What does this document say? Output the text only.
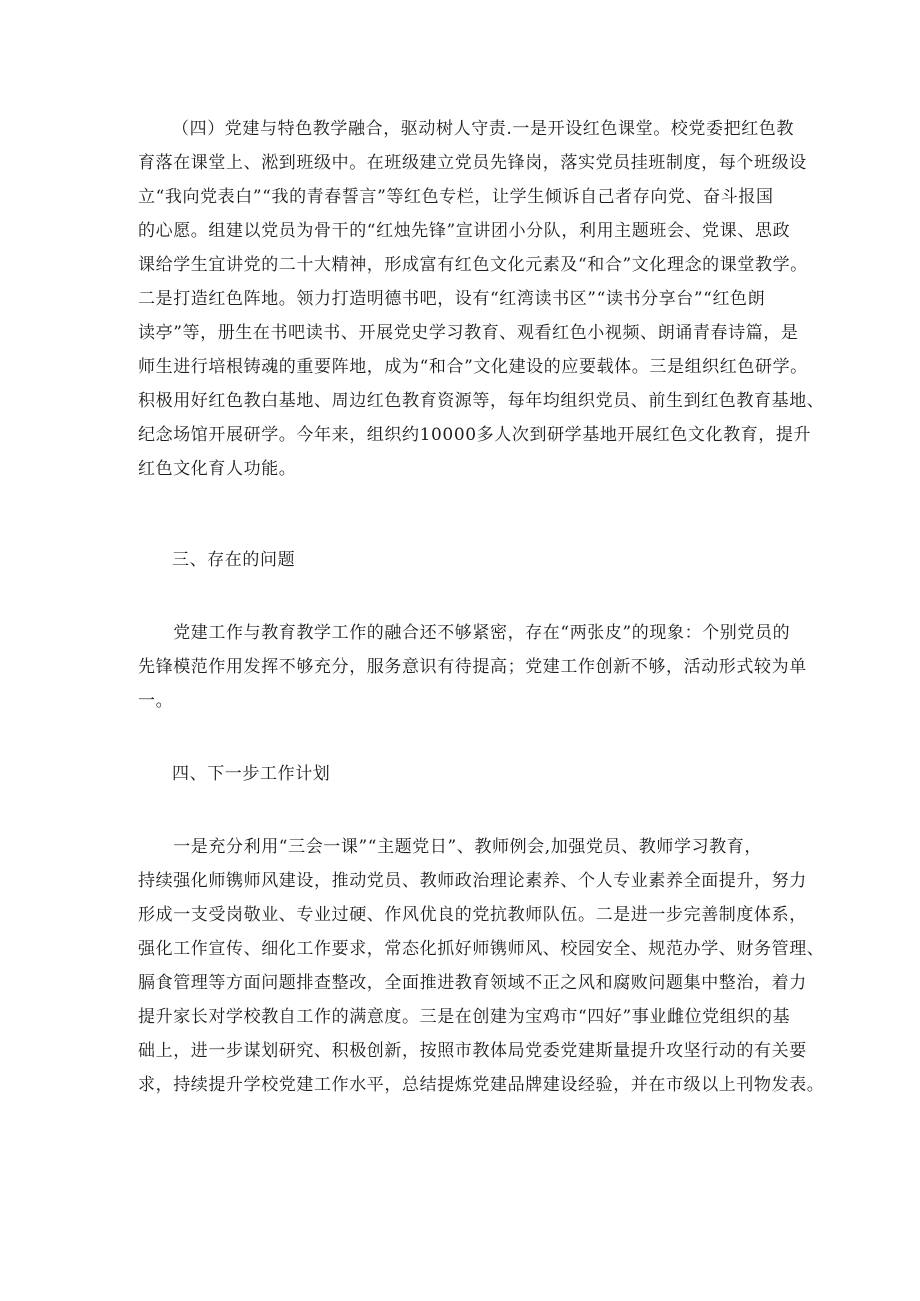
（四）党建与特色教学融合，驱动树人守责.一是开设红色课堂。校党委把红色教
育落在课堂上、淞到班级中。在班级建立党员先锋岗，落实党员挂班制度，每个班级设
立“我向党表白”“我的青春誓言”等红色专栏，让学生倾诉自己者存向党、奋斗报国
的心愿。组建以党员为骨干的“红烛先锋”宣讲团小分队，利用主题班会、党课、思政
课给学生宜讲党的二十大精神，形成富有红色文化元素及“和合”文化理念的课堂教学。
二是打造红色阵地。领力打造明德书吧，设有“红湾读书区”“读书分享台”“红色朗
读亭”等，册生在书吧读书、开展党史学习教育、观看红色小视频、朗诵青春诗篇，是
师生进行培根铸魂的重要阵地，成为“和合”文化建设的应要载体。三是组织红色研学。
积极用好红色教白基地、周边红色教育资源等，每年均组织党员、前生到红色教育基地、
纪念场馆开展研学。今年来，组织约10000多人次到研学基地开展红色文化教育，提升
红色文化育人功能。
三、存在的问题
　　党建工作与教育教学工作的融合还不够紧密，存在“两张皮”的现象：个别党员的
先锋模范作用发挥不够充分，服务意识有待提高；党建工作创新不够，活动形式较为单
一。
四、下一步工作计划
　　一是充分利用“三会一课”“主题党日”、教师例会,加强党员、教师学习教育，
持续强化师镌师风建设，推动党员、教师政治理论素养、个人专业素养全面提升，努力
形成一支受岗敬业、专业过硬、作风优良的党抗教师队伍。二是进一步完善制度体系，
强化工作宣传、细化工作要求，常态化抓好师镌师风、校园安全、规范办学、财务管理、
膈食管理等方面问题排查整改，全面推进教育领域不正之风和腐败问题集中整治，着力
提升家长对学校教自工作的满意度。三是在创建为宝鸡市“四好”事业雌位党组织的基
础上，进一步谋划研究、积极创新，按照市教体局党委党建斯量提升攻坚行动的有关要
求，持续提升学校党建工作水平，总结提炼党建品牌建设经验，并在市级以上刊物发表。
